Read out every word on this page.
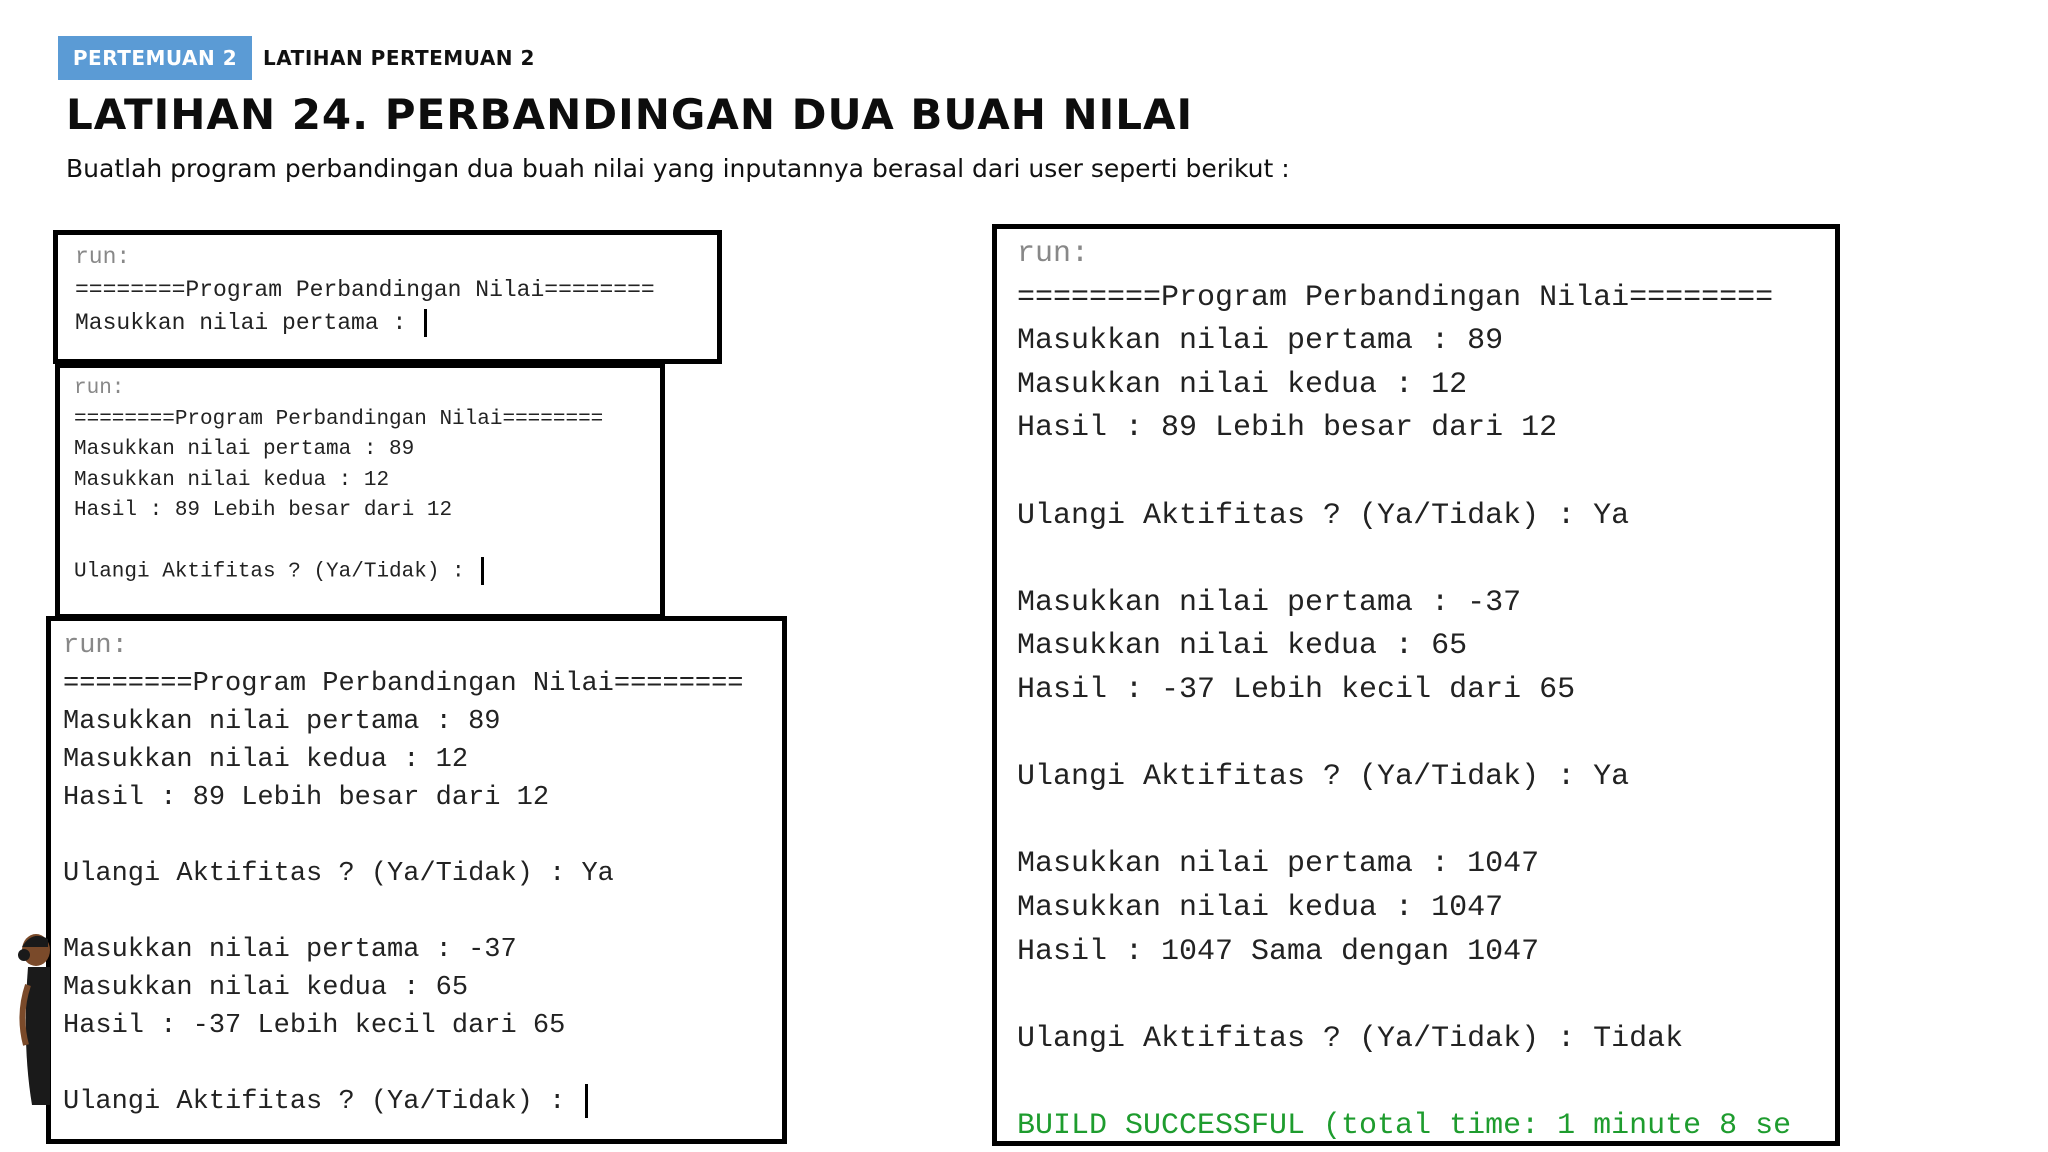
PERTEMUAN 2	LATIHAN PERTEMUAN 2
LATIHAN 24. PERBANDINGAN DUA BUAH NILAI
Buatlah program perbandingan dua buah nilai yang inputannya berasal dari user seperti berikut :
run:
========Program Perbandingan Nilai========
Masukkan nilai pertama :
run:
========Program Perbandingan Nilai========
Masukkan nilai pertama : 89
Masukkan nilai kedua : 12
Hasil : 89 Lebih besar dari 12
Ulangi Aktifitas ? (Ya/Tidak) :
run:
========Program Perbandingan Nilai========
Masukkan nilai pertama : 89
Masukkan nilai kedua : 12
Hasil : 89 Lebih besar dari 12
Ulangi Aktifitas ? (Ya/Tidak) : Ya
Masukkan nilai pertama : -37
Masukkan nilai kedua : 65
Hasil : -37 Lebih kecil dari 65
Ulangi Aktifitas ? (Ya/Tidak) :
run:
========Program Perbandingan Nilai========
Masukkan nilai pertama : 89
Masukkan nilai kedua : 12
Hasil : 89 Lebih besar dari 12
Ulangi Aktifitas ? (Ya/Tidak) : Ya
Masukkan nilai pertama : -37
Masukkan nilai kedua : 65
Hasil : -37 Lebih kecil dari 65
Ulangi Aktifitas ? (Ya/Tidak) : Ya
Masukkan nilai pertama : 1047
Masukkan nilai kedua : 1047
Hasil : 1047 Sama dengan 1047
Ulangi Aktifitas ? (Ya/Tidak) : Tidak
BUILD SUCCESSFUL (total time: 1 minute 8 se
